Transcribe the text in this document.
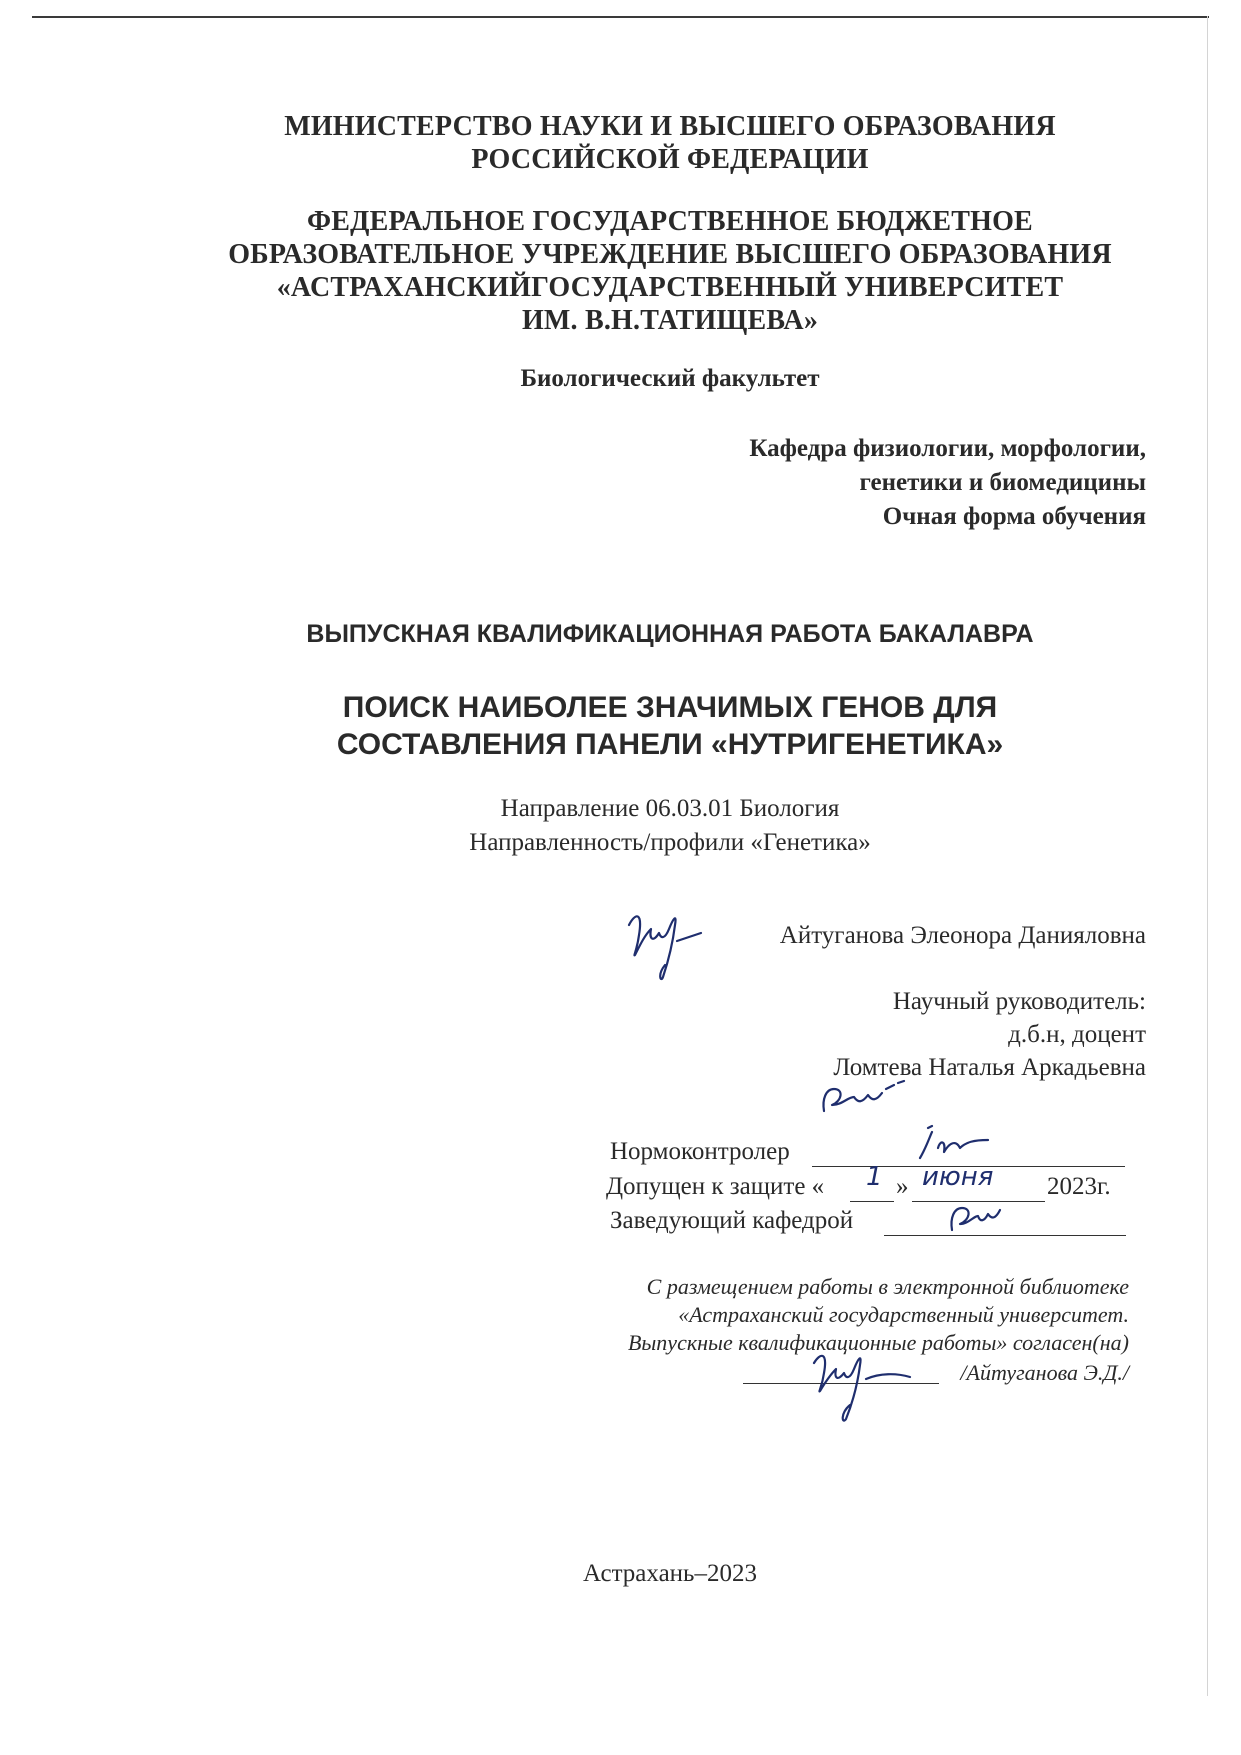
МИНИСТЕРСТВО НАУКИ И ВЫСШЕГО ОБРАЗОВАНИЯ
РОССИЙСКОЙ ФЕДЕРАЦИИ
ФЕДЕРАЛЬНОЕ ГОСУДАРСТВЕННОЕ БЮДЖЕТНОЕ
ОБРАЗОВАТЕЛЬНОЕ УЧРЕЖДЕНИЕ ВЫСШЕГО ОБРАЗОВАНИЯ
«АСТРАХАНСКИЙГОСУДАРСТВЕННЫЙ УНИВЕРСИТЕТ
ИМ. В.Н.ТАТИЩЕВА»
Биологический факультет
Кафедра физиологии, морфологии,
генетики и биомедицины
Очная форма обучения
ВЫПУСКНАЯ КВАЛИФИКАЦИОННАЯ РАБОТА БАКАЛАВРА
ПОИСК НАИБОЛЕЕ ЗНАЧИМЫХ ГЕНОВ ДЛЯ
СОСТАВЛЕНИЯ ПАНЕЛИ «НУТРИГЕНЕТИКА»
Направление 06.03.01 Биология
Направленность/профили «Генетика»
Айтуганова Элеонора Данияловна
Научный руководитель:
д.б.н, доцент
Ломтева Наталья Аркадьевна
Нормоконтролер
Допущен к защите « 1 » июня 2023г.
Заведующий кафедрой
С размещением работы в электронной библиотеке
«Астраханский государственный университет.
Выпускные квалификационные работы» согласен(на)
/Айтуганова Э.Д./
Астрахань–2023
